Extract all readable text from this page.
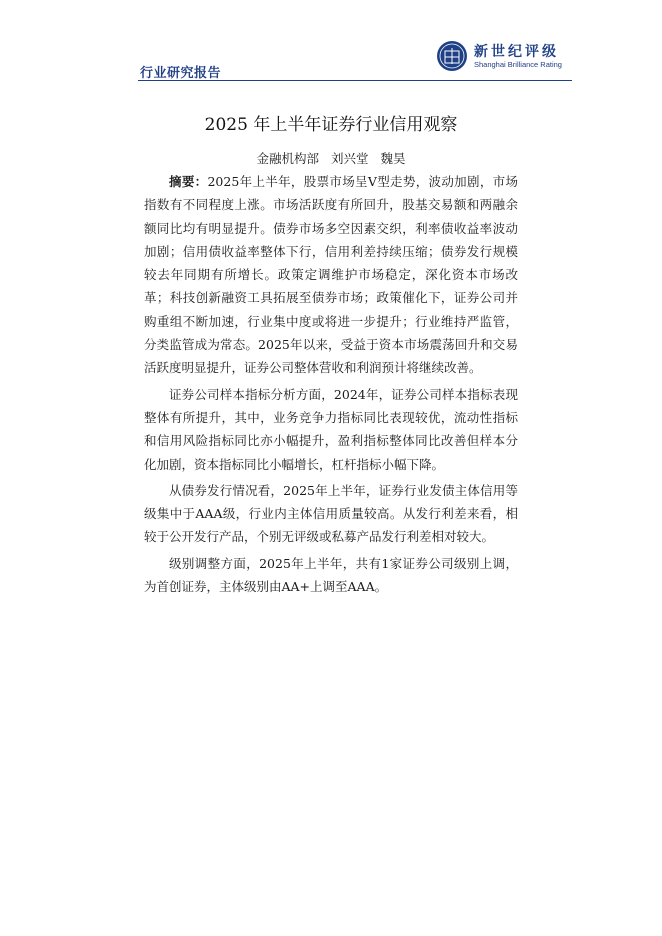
行业研究报告
新世纪评级
Shanghai Brilliance Rating
2025 年上半年证券行业信用观察
金融机构部 刘兴堂 魏昊

摘要：2025年上半年，股票市场呈V型走势，波动加剧，市场指数有不同程度上涨。市场活跃度有所回升，股基交易额和两融余额同比均有明显提升。债券市场多空因素交织，利率债收益率波动加剧；信用债收益率整体下行，信用利差持续压缩；债券发行规模较去年同期有所增长。政策定调维护市场稳定，深化资本市场改革；科技创新融资工具拓展至债券市场；政策催化下，证券公司并购重组不断加速，行业集中度或将进一步提升；行业维持严监管，分类监管成为常态。2025年以来，受益于资本市场震荡回升和交易活跃度明显提升，证券公司整体营收和利润预计将继续改善。

证券公司样本指标分析方面，2024年，证券公司样本指标表现整体有所提升，其中，业务竞争力指标同比表现较优，流动性指标和信用风险指标同比亦小幅提升，盈利指标整体同比改善但样本分化加剧，资本指标同比小幅增长，杠杆指标小幅下降。

从债券发行情况看，2025年上半年，证券行业发债主体信用等级集中于AAA级，行业内主体信用质量较高。从发行利差来看，相较于公开发行产品，个别无评级或私募产品发行利差相对较大。

级别调整方面，2025年上半年，共有1家证券公司级别上调，为首创证券，主体级别由AA+上调至AAA。
